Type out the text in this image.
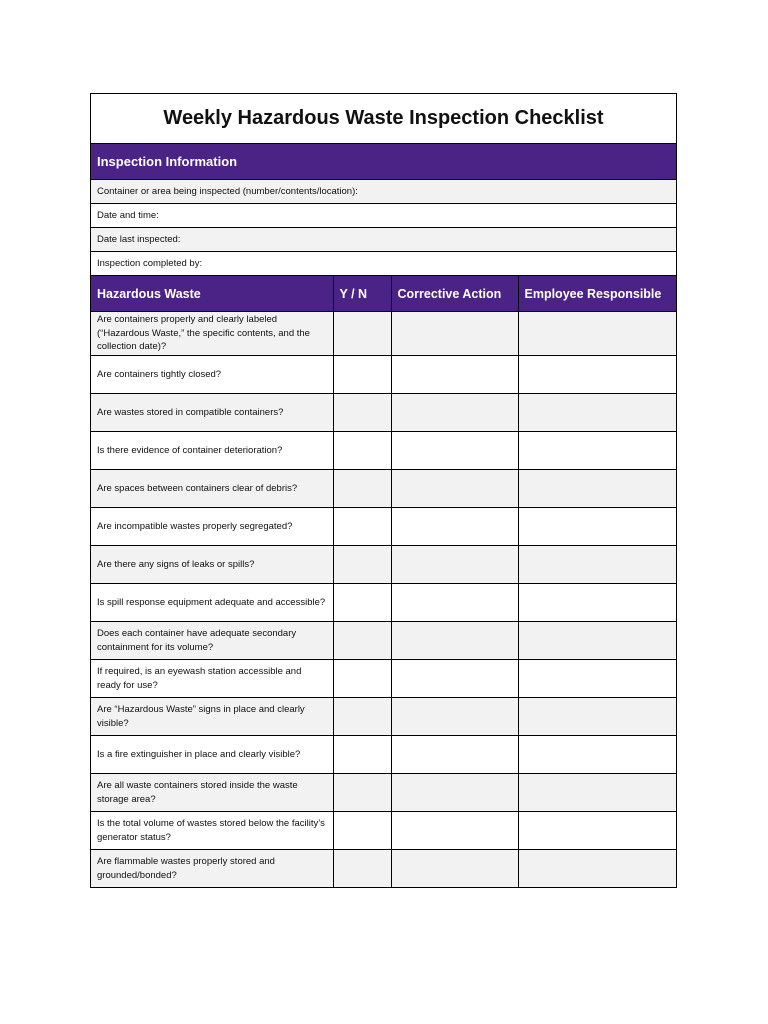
Weekly Hazardous Waste Inspection Checklist
Inspection Information
Container or area being inspected (number/contents/location):
Date and time:
Date last inspected:
Inspection completed by:
Hazardous Waste	Y / N	Corrective Action	Employee Responsible
Are containers properly and clearly labeled (“Hazardous Waste,” the specific contents, and the collection date)?			
Are containers tightly closed?			
Are wastes stored in compatible containers?			
Is there evidence of container deterioration?			
Are spaces between containers clear of debris?			
Are incompatible wastes properly segregated?			
Are there any signs of leaks or spills?			
Is spill response equipment adequate and accessible?			
Does each container have adequate secondary containment for its volume?			
If required, is an eyewash station accessible and ready for use?			
Are “Hazardous Waste” signs in place and clearly visible?			
Is a fire extinguisher in place and clearly visible?			
Are all waste containers stored inside the waste storage area?			
Is the total volume of wastes stored below the facility’s generator status?			
Are flammable wastes properly stored and grounded/bonded?			
